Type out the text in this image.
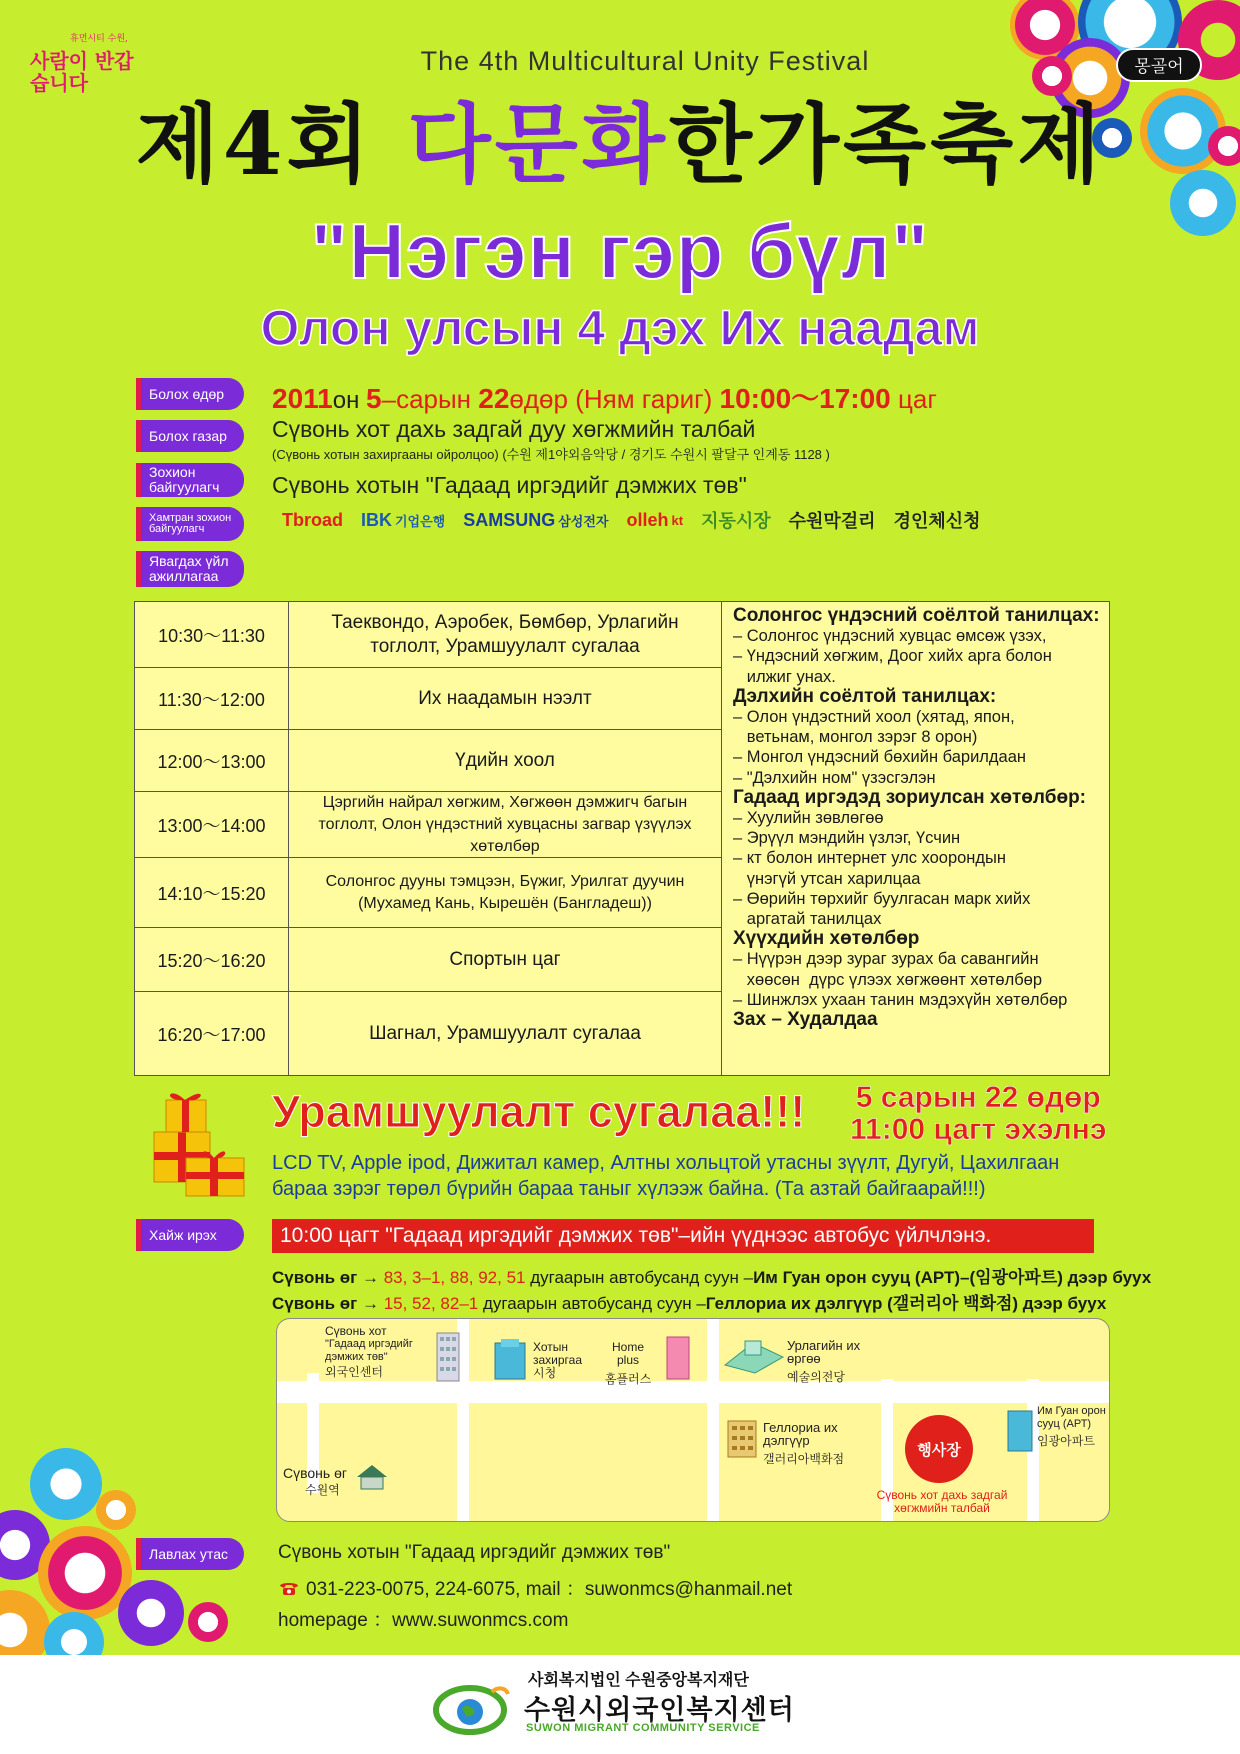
휴먼시티 수원,
사람이 반갑습니다
몽골어
The 4th Multicultural Unity Festival
제4회 다문화한가족축제
"Нэгэн гэр бүл"
Олон улсын 4 дэх Их наадам
Болох өдөр
Болох газар
Зохион байгуулагч
Хамтран зохион байгуулагч
Явагдах үйл ажиллагаа
2011он 5–сарын 22өдөр (Ням гариг) 10:00～17:00 цаг
Сүвонь хот дахь задгай дуу хөгжмийн талбай
(Сүвонь хотын захиргааны ойролцоо) (수원 제1야외음악당 / 경기도 수원시 팔달구 인계동 1128 )
Сүвонь хотын "Гадаад иргэдийг дэмжих төв"
Tbroad IBK 기업은행 SAMSUNG 삼성전자 olleh kt 지동시장 수원막걸리 경인체신청
10:30～11:30
11:30～12:00
12:00～13:00
13:00～14:00
14:10～15:20
15:20～16:20
16:20～17:00
Таеквондо, Аэробек, Бөмбөр, Урлагийн тоглолт, Урамшуулалт сугалаа
Их наадамын нээлт
Үдийн хоол
Цэргийн найрал хөгжим, Хөгжөөн дэмжигч багын тоглолт, Олон үндэстний хувцасны загвар үзүүлэх хөтөлбөр
Солонгос дууны тэмцээн, Бүжиг, Урилгат дуучин (Мухамед Кань, Кырешён (Бангладеш))
Спортын цаг
Шагнал, Урамшуулалт сугалаа
Солонгос үндэсний соёлтой танилцах:
– Солонгос үндэсний хувцас өмсөж үзэх,
– Үндэсний хөгжим, Доог хийх арга болон
илжиг унах.
Дэлхийн соёлтой танилцах:
– Олон үндэстний хоол (хятад, япон,
ветьнам, монгол зэрэг 8 орон)
– Монгол үндэсний бөхийн барилдаан
– "Дэлхийн ном" үзэсгэлэн
Гадаад иргэдэд зориулсан хөтөлбөр:
– Хуулийн зөвлөгөө
– Эрүүл мэндийн үзлэг, Үсчин
– кт болон интернет улс хоорондын
үнэгүй утсан харилцаа
– Өөрийн төрхийг буулгасан марк хийх
аргатай танилцах
Хүүхдийн хөтөлбөр
– Нүүрэн дээр зураг зурах ба савангийн
хөөсөн  дүрс үлээх хөгжөөнт хөтөлбөр
– Шинжлэх ухаан танин мэдэхүйн хөтөлбөр
Зах – Худалдаа
Урамшуулалт сугалаа!!! 5 сарын 22 өдөр
11:00 цагт эхэлнэ
LCD TV, Apple ipod, Дижитал камер, Алтны хольцтой утасны зүүлт, Дугуй, Цахилгаан
бараа зэрэг төрөл бүрийн бараа таныг хүлээж байна. (Та азтай байгаарай!!!)
Хайж ирэх	10:00 цагт "Гадаад иргэдийг дэмжих төв"–ийн үүднээс автобус үйлчлэнэ.
Сүвонь өг → 83, 3–1, 88, 92, 51 дугаарын автобусанд суун –Им Гуан орон сууц (АРТ)–(임광아파트) дээр буух
Сүвонь өг → 15, 52, 82–1 дугаарын автобусанд суун –Геллориа их дэлгүүр (갤러리아 백화점) дээр буух
Сүвонь хот
"Гадаад иргэдийг
дэмжих төв"
외국인센터
Хотын захиргаа
시청
Home plus
홈플러스
Урлагийн их өргөө
예술의전당
Геллориа их дэлгүүр
갤러리아백화점
행사장
Сүвонь хот дахь задгай хөгжмийн талбай
Им Гуан орон сууц (АРТ)
임광아파트
Сүвонь өг
수원역
Лавлах утас	Сүвонь хотын "Гадаад иргэдийг дэмжих төв"
031-223-0075, 224-6075, mail ：suwonmcs@hanmail.net
homepage ：www.suwonmcs.com
사회복지법인 수원중앙복지재단
수원시외국인복지센터
SUWON MIGRANT COMMUNITY SERVICE
